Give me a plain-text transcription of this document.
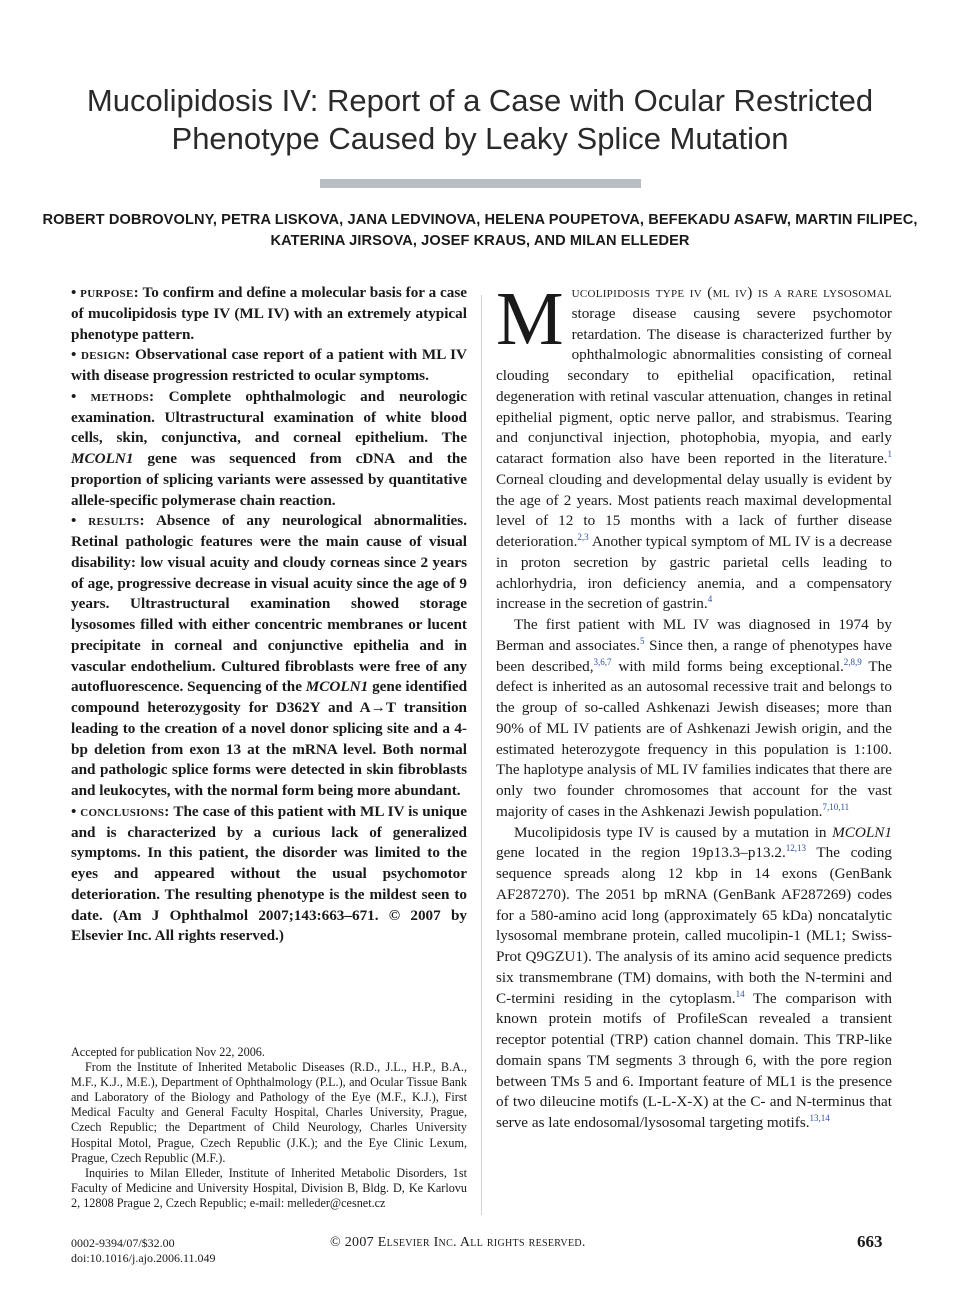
Mucolipidosis IV: Report of a Case with Ocular Restricted Phenotype Caused by Leaky Splice Mutation

ROBERT DOBROVOLNY, PETRA LISKOVA, JANA LEDVINOVA, HELENA POUPETOVA, BEFEKADU ASAFW, MARTIN FILIPEC, KATERINA JIRSOVA, JOSEF KRAUS, AND MILAN ELLEDER

• purpose: To confirm and define a molecular basis for a case of mucolipidosis type IV (ML IV) with an extremely atypical phenotype pattern.

• design: Observational case report of a patient with ML IV with disease progression restricted to ocular symptoms.

• methods: Complete ophthalmologic and neurologic examination. Ultrastructural examination of white blood cells, skin, conjunctiva, and corneal epithelium. The MCOLN1 gene was sequenced from cDNA and the proportion of splicing variants were assessed by quantitative allele-specific polymerase chain reaction.

• results: Absence of any neurological abnormalities. Retinal pathologic features were the main cause of visual disability: low visual acuity and cloudy corneas since 2 years of age, progressive decrease in visual acuity since the age of 9 years. Ultrastructural examination showed storage lysosomes filled with either concentric membranes or lucent precipitate in corneal and conjunctive epithelia and in vascular endothelium. Cultured fibroblasts were free of any autofluorescence. Sequencing of the MCOLN1 gene identified compound heterozygosity for D362Y and A→T transition leading to the creation of a novel donor splicing site and a 4-bp deletion from exon 13 at the mRNA level. Both normal and pathologic splice forms were detected in skin fibroblasts and leukocytes, with the normal form being more abundant.

• conclusions: The case of this patient with ML IV is unique and is characterized by a curious lack of generalized symptoms. In this patient, the disorder was limited to the eyes and appeared without the usual psychomotor deterioration. The resulting phenotype is the mildest seen to date. (Am J Ophthalmol 2007;143:663–671. © 2007 by Elsevier Inc. All rights reserved.)

Accepted for publication Nov 22, 2006.

From the Institute of Inherited Metabolic Diseases (R.D., J.L., H.P., B.A., M.F., K.J., M.E.), Department of Ophthalmology (P.L.), and Ocular Tissue Bank and Laboratory of the Biology and Pathology of the Eye (M.F., K.J.), First Medical Faculty and General Faculty Hospital, Charles University, Prague, Czech Republic; the Department of Child Neurology, Charles University Hospital Motol, Prague, Czech Republic (J.K.); and the Eye Clinic Lexum, Prague, Czech Republic (M.F.).

Inquiries to Milan Elleder, Institute of Inherited Metabolic Disorders, 1st Faculty of Medicine and University Hospital, Division B, Bldg. D, Ke Karlovu 2, 12808 Prague 2, Czech Republic; e-mail: melleder@cesnet.cz

M ucolipidosis type iv (ml iv) is a rare lysosomal storage disease causing severe psychomotor retardation. The disease is characterized further by ophthalmologic abnormalities consisting of corneal clouding secondary to epithelial opacification, retinal degeneration with retinal vascular attenuation, changes in retinal epithelial pigment, optic nerve pallor, and strabismus. Tearing and conjunctival injection, photophobia, myopia, and early cataract formation also have been reported in the literature.$^1$ Corneal clouding and developmental delay usually is evident by the age of 2 years. Most patients reach maximal developmental level of 12 to 15 months with a lack of further disease deterioration.$^{2,3}$ Another typical symptom of ML IV is a decrease in proton secretion by gastric parietal cells leading to achlorhydria, iron deficiency anemia, and a compensatory increase in the secretion of gastrin.$^4$

The first patient with ML IV was diagnosed in 1974 by Berman and associates.$^5$ Since then, a range of phenotypes have been described,$^{3,6,7}$ with mild forms being exceptional.$^{2,8,9}$ The defect is inherited as an autosomal recessive trait and belongs to the group of so-called Ashkenazi Jewish diseases; more than 90% of ML IV patients are of Ashkenazi Jewish origin, and the estimated heterozygote frequency in this population is 1:100. The haplotype analysis of ML IV families indicates that there are only two founder chromosomes that account for the vast majority of cases in the Ashkenazi Jewish population.$^{7,10,11}$

Mucolipidosis type IV is caused by a mutation in MCOLN1 gene located in the region 19p13.3–p13.2.$^{12,13}$ The coding sequence spreads along 12 kbp in 14 exons (GenBank AF287270). The 2051 bp mRNA (GenBank AF287269) codes for a 580-amino acid long (approximately 65 kDa) noncatalytic lysosomal membrane protein, called mucolipin-1 (ML1; Swiss-Prot Q9GZU1). The analysis of its amino acid sequence predicts six transmembrane (TM) domains, with both the N-termini and C-termini residing in the cytoplasm.$^{14}$ The comparison with known protein motifs of ProfileScan revealed a transient receptor potential (TRP) cation channel domain. This TRP-like domain spans TM segments 3 through 6, with the pore region between TMs 5 and 6. Important feature of ML1 is the presence of two dileucine motifs (L-L-X-X) at the C- and N-terminus that serve as late endosomal/lysosomal targeting motifs.$^{13,14}$

0002-9394/07/$32.00
doi:10.1016/j.ajo.2006.11.049
© 2007 Elsevier Inc. All rights reserved.	663
